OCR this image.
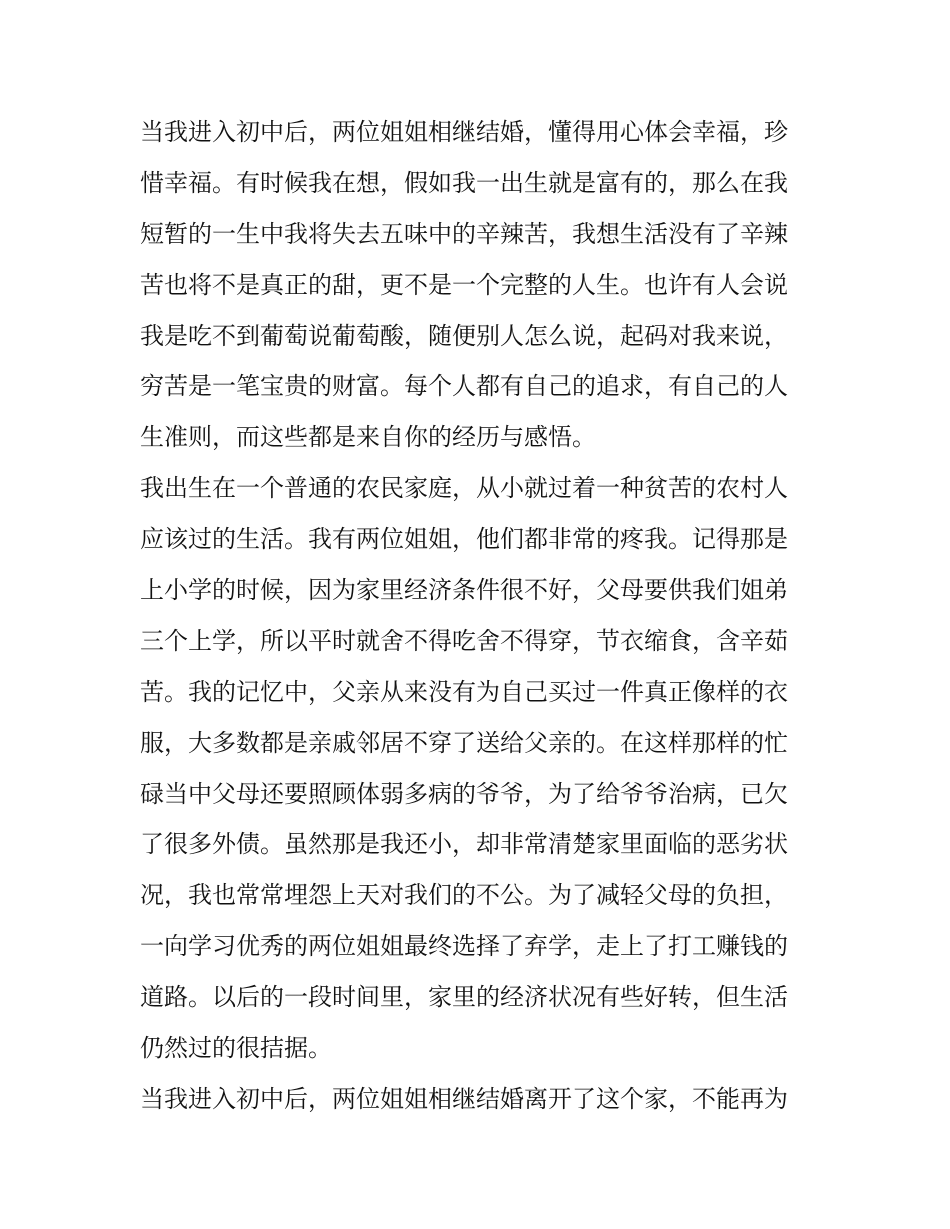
当我进入初中后，两位姐姐相继结婚，懂得用心体会幸福，珍
惜幸福。有时候我在想，假如我一出生就是富有的，那么在我
短暂的一生中我将失去五味中的辛辣苦，我想生活没有了辛辣
苦也将不是真正的甜，更不是一个完整的人生。也许有人会说
我是吃不到葡萄说葡萄酸，随便别人怎么说，起码对我来说，
穷苦是一笔宝贵的财富。每个人都有自己的追求，有自己的人
生准则，而这些都是来自你的经历与感悟。
我出生在一个普通的农民家庭，从小就过着一种贫苦的农村人
应该过的生活。我有两位姐姐，他们都非常的疼我。记得那是
上小学的时候，因为家里经济条件很不好，父母要供我们姐弟
三个上学，所以平时就舍不得吃舍不得穿，节衣缩食，含辛茹
苦。我的记忆中，父亲从来没有为自己买过一件真正像样的衣
服，大多数都是亲戚邻居不穿了送给父亲的。在这样那样的忙
碌当中父母还要照顾体弱多病的爷爷，为了给爷爷治病，已欠
了很多外债。虽然那是我还小，却非常清楚家里面临的恶劣状
况，我也常常埋怨上天对我们的不公。为了减轻父母的负担，
一向学习优秀的两位姐姐最终选择了弃学，走上了打工赚钱的
道路。以后的一段时间里，家里的经济状况有些好转，但生活
仍然过的很拮据。
当我进入初中后，两位姐姐相继结婚离开了这个家，不能再为
